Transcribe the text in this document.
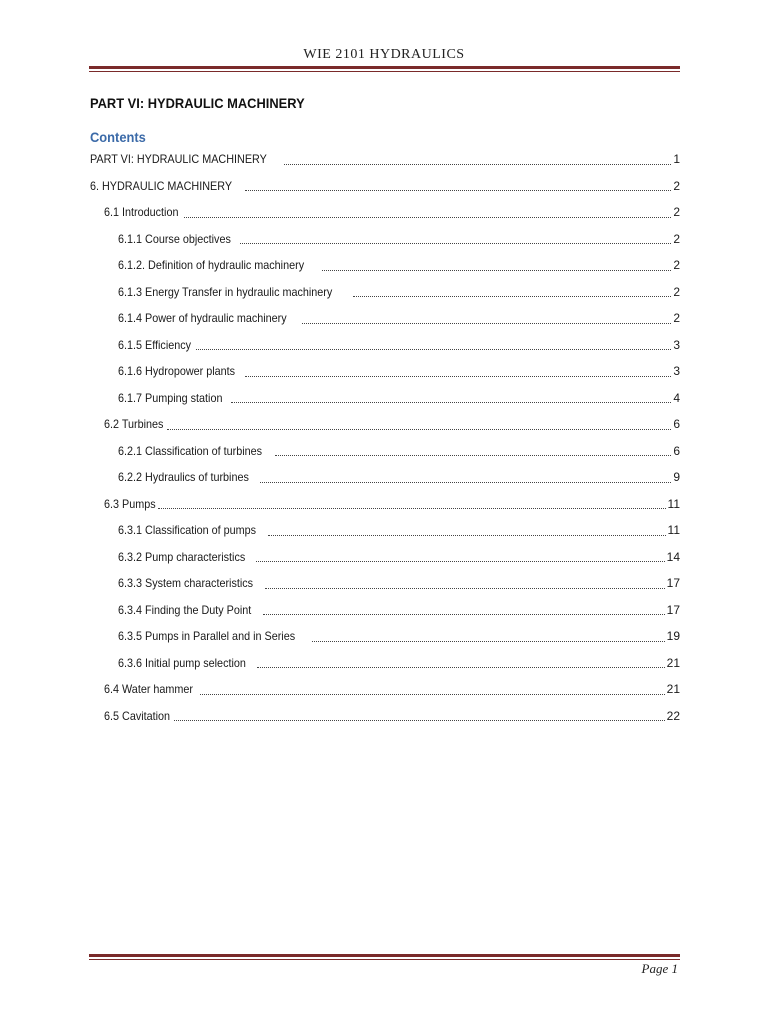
WIE 2101 HYDRAULICS
PART VI: HYDRAULIC MACHINERY
Contents
PART VI: HYDRAULIC MACHINERY	1
6. HYDRAULIC MACHINERY	2
6.1 Introduction	2
6.1.1 Course objectives	2
6.1.2. Definition of hydraulic machinery	2
6.1.3 Energy Transfer in hydraulic machinery	2
6.1.4 Power of hydraulic machinery	2
6.1.5 Efficiency	3
6.1.6 Hydropower plants	3
6.1.7 Pumping station	4
6.2 Turbines	6
6.2.1 Classification of turbines	6
6.2.2 Hydraulics of turbines	9
6.3 Pumps	11
6.3.1 Classification of pumps	11
6.3.2 Pump characteristics	14
6.3.3 System characteristics	17
6.3.4 Finding the Duty Point	17
6.3.5 Pumps in Parallel and in Series	19
6.3.6 Initial pump selection	21
6.4 Water hammer	21
6.5 Cavitation	22
Page 1
